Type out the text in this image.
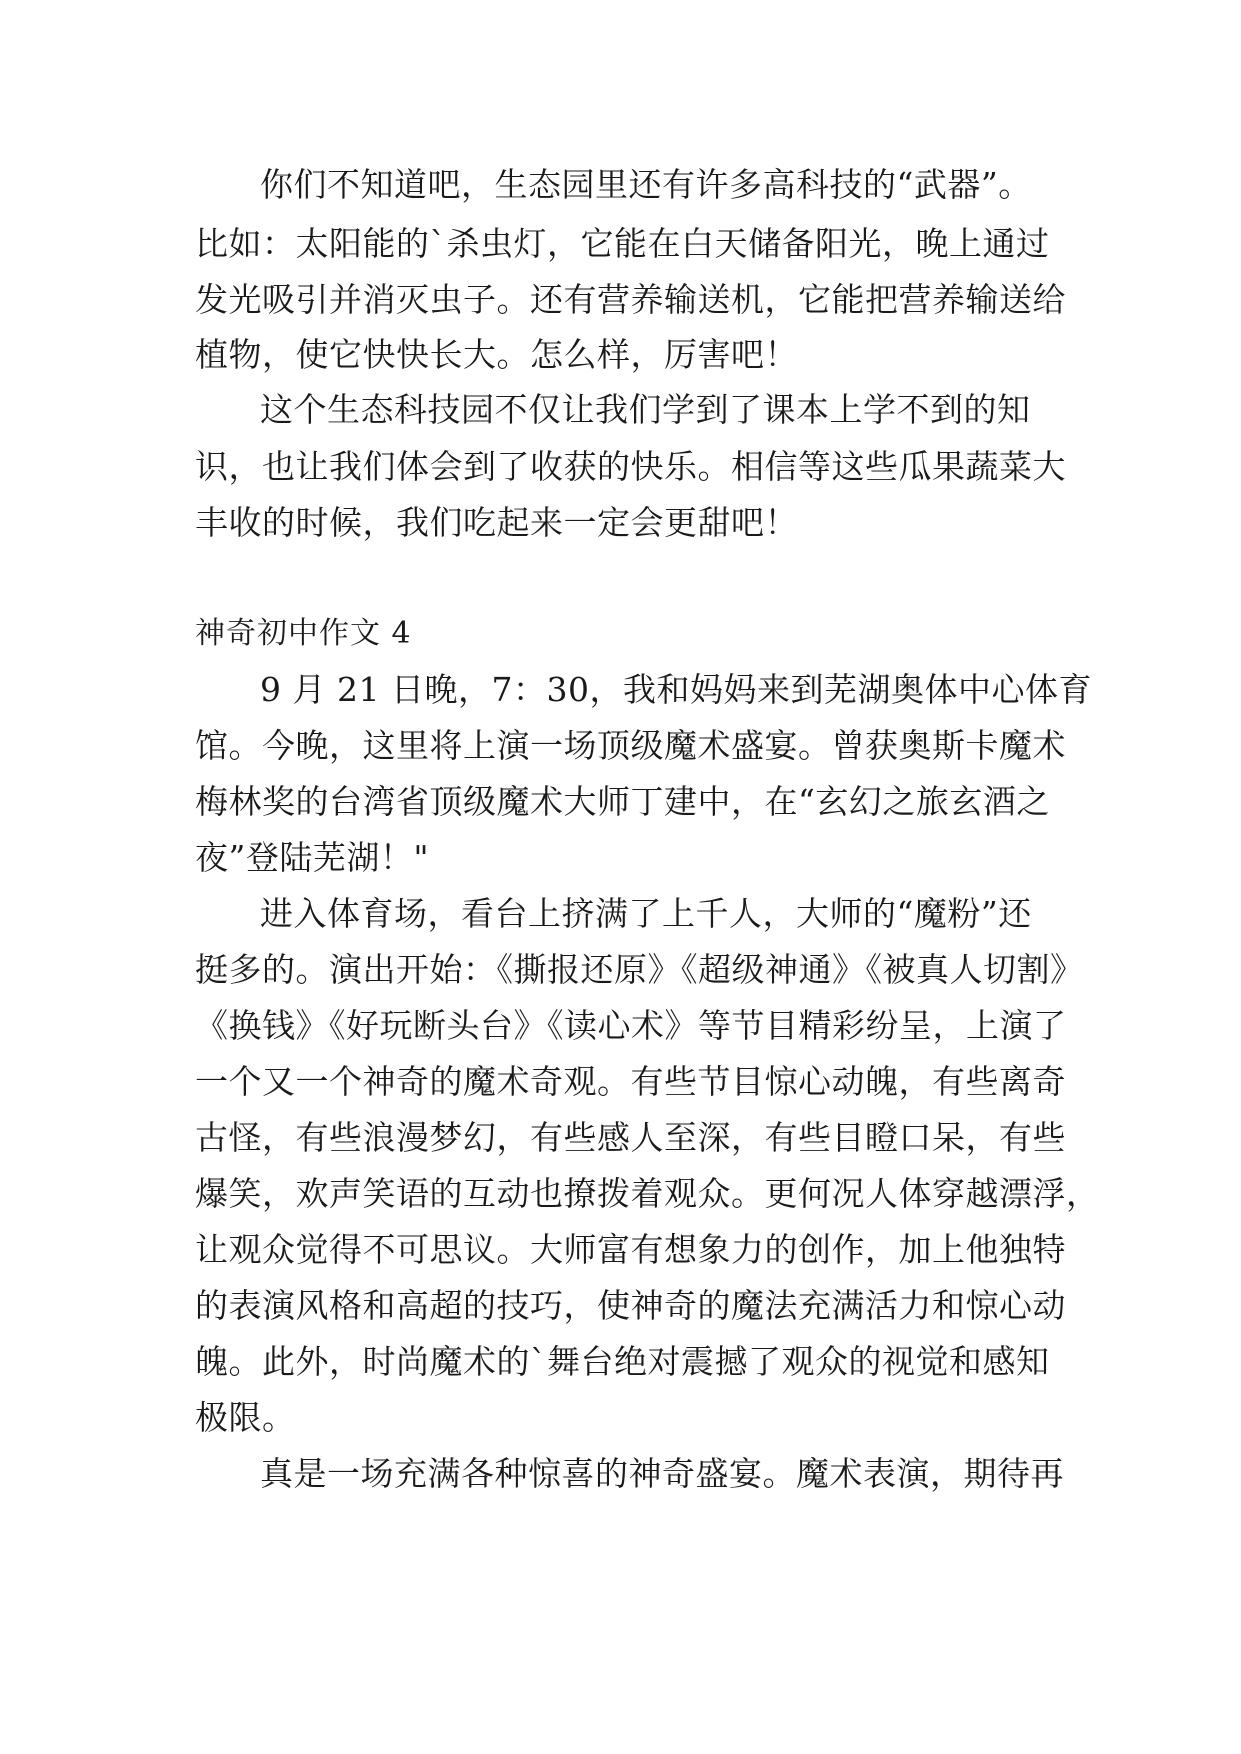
你们不知道吧，生态园里还有许多高科技的“武器”。
比如：太阳能的`杀虫灯，它能在白天储备阳光，晚上通过
发光吸引并消灭虫子。还有营养输送机，它能把营养输送给
植物，使它快快长大。怎么样，厉害吧！
这个生态科技园不仅让我们学到了课本上学不到的知
识，也让我们体会到了收获的快乐。相信等这些瓜果蔬菜大
丰收的时候，我们吃起来一定会更甜吧！
神奇初中作文 4
9 月 21 日晚，7：30，我和妈妈来到芜湖奥体中心体育
馆。今晚，这里将上演一场顶级魔术盛宴。曾获奥斯卡魔术
梅林奖的台湾省顶级魔术大师丁建中，在“玄幻之旅玄酒之
夜”登陆芜湖！"
进入体育场，看台上挤满了上千人，大师的“魔粉”还
挺多的。演出开始：《撕报还原》《超级神通》《被真人切割》
《换钱》《好玩断头台》《读心术》等节目精彩纷呈，上演了
一个又一个神奇的魔术奇观。有些节目惊心动魄，有些离奇
古怪，有些浪漫梦幻，有些感人至深，有些目瞪口呆，有些
爆笑，欢声笑语的互动也撩拨着观众。更何况人体穿越漂浮，
让观众觉得不可思议。大师富有想象力的创作，加上他独特
的表演风格和高超的技巧，使神奇的魔法充满活力和惊心动
魄。此外，时尚魔术的`舞台绝对震撼了观众的视觉和感知
极限。
真是一场充满各种惊喜的神奇盛宴。魔术表演，期待再
